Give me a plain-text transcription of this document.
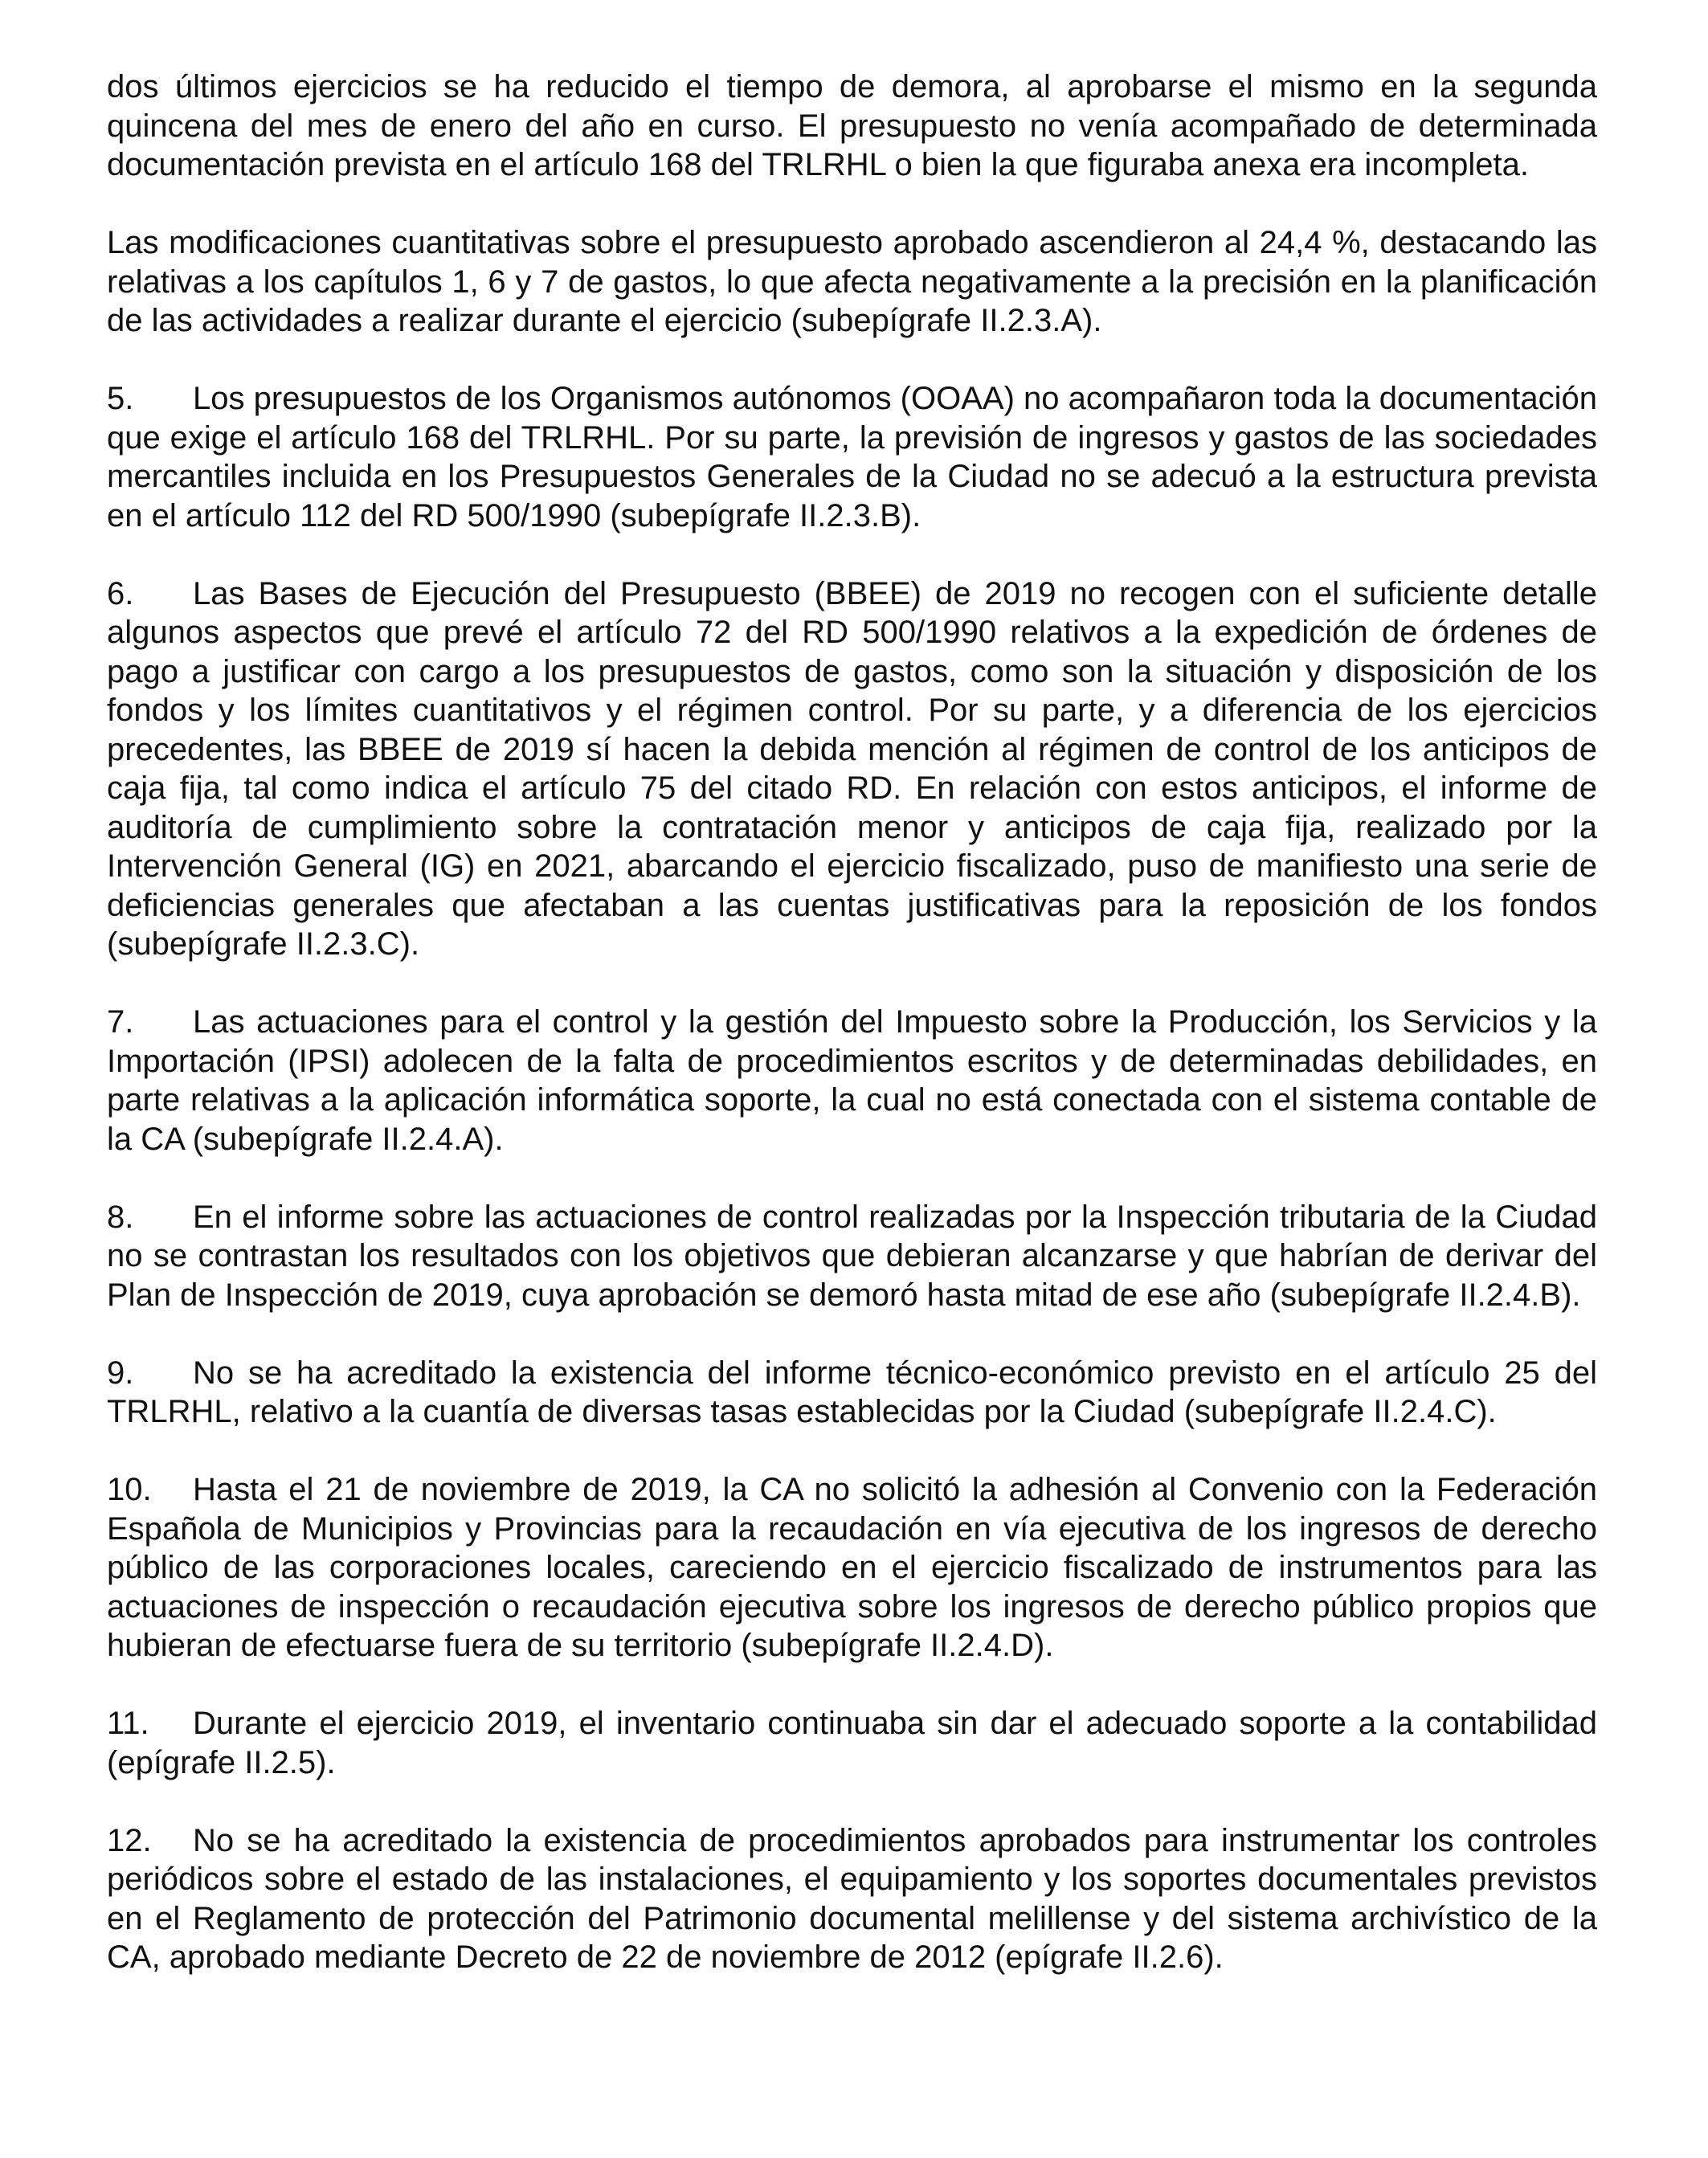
dos últimos ejercicios se ha reducido el tiempo de demora, al aprobarse el mismo en la segunda quincena del mes de enero del año en curso. El presupuesto no venía acompañado de determinada documentación prevista en el artículo 168 del TRLRHL o bien la que figuraba anexa era incompleta.

Las modificaciones cuantitativas sobre el presupuesto aprobado ascendieron al 24,4 %, destacando las relativas a los capítulos 1, 6 y 7 de gastos, lo que afecta negativamente a la precisión en la planificación de las actividades a realizar durante el ejercicio (subepígrafe II.2.3.A).

5. Los presupuestos de los Organismos autónomos (OOAA) no acompañaron toda la documentación que exige el artículo 168 del TRLRHL. Por su parte, la previsión de ingresos y gastos de las sociedades mercantiles incluida en los Presupuestos Generales de la Ciudad no se adecuó a la estructura prevista en el artículo 112 del RD 500/1990 (subepígrafe II.2.3.B).

6. Las Bases de Ejecución del Presupuesto (BBEE) de 2019 no recogen con el suficiente detalle algunos aspectos que prevé el artículo 72 del RD 500/1990 relativos a la expedición de órdenes de pago a justificar con cargo a los presupuestos de gastos, como son la situación y disposición de los fondos y los límites cuantitativos y el régimen control. Por su parte, y a diferencia de los ejercicios precedentes, las BBEE de 2019 sí hacen la debida mención al régimen de control de los anticipos de caja fija, tal como indica el artículo 75 del citado RD. En relación con estos anticipos, el informe de auditoría de cumplimiento sobre la contratación menor y anticipos de caja fija, realizado por la Intervención General (IG) en 2021, abarcando el ejercicio fiscalizado, puso de manifiesto una serie de deficiencias generales que afectaban a las cuentas justificativas para la reposición de los fondos (subepígrafe II.2.3.C).

7. Las actuaciones para el control y la gestión del Impuesto sobre la Producción, los Servicios y la Importación (IPSI) adolecen de la falta de procedimientos escritos y de determinadas debilidades, en parte relativas a la aplicación informática soporte, la cual no está conectada con el sistema contable de la CA (subepígrafe II.2.4.A).

8. En el informe sobre las actuaciones de control realizadas por la Inspección tributaria de la Ciudad no se contrastan los resultados con los objetivos que debieran alcanzarse y que habrían de derivar del Plan de Inspección de 2019, cuya aprobación se demoró hasta mitad de ese año (subepígrafe II.2.4.B).

9. No se ha acreditado la existencia del informe técnico-económico previsto en el artículo 25 del TRLRHL, relativo a la cuantía de diversas tasas establecidas por la Ciudad (subepígrafe II.2.4.C).

10. Hasta el 21 de noviembre de 2019, la CA no solicitó la adhesión al Convenio con la Federación Española de Municipios y Provincias para la recaudación en vía ejecutiva de los ingresos de derecho público de las corporaciones locales, careciendo en el ejercicio fiscalizado de instrumentos para las actuaciones de inspección o recaudación ejecutiva sobre los ingresos de derecho público propios que hubieran de efectuarse fuera de su territorio (subepígrafe II.2.4.D).

11. Durante el ejercicio 2019, el inventario continuaba sin dar el adecuado soporte a la contabilidad (epígrafe II.2.5).

12. No se ha acreditado la existencia de procedimientos aprobados para instrumentar los controles periódicos sobre el estado de las instalaciones, el equipamiento y los soportes documentales previstos en el Reglamento de protección del Patrimonio documental melillense y del sistema archivístico de la CA, aprobado mediante Decreto de 22 de noviembre de 2012 (epígrafe II.2.6).
